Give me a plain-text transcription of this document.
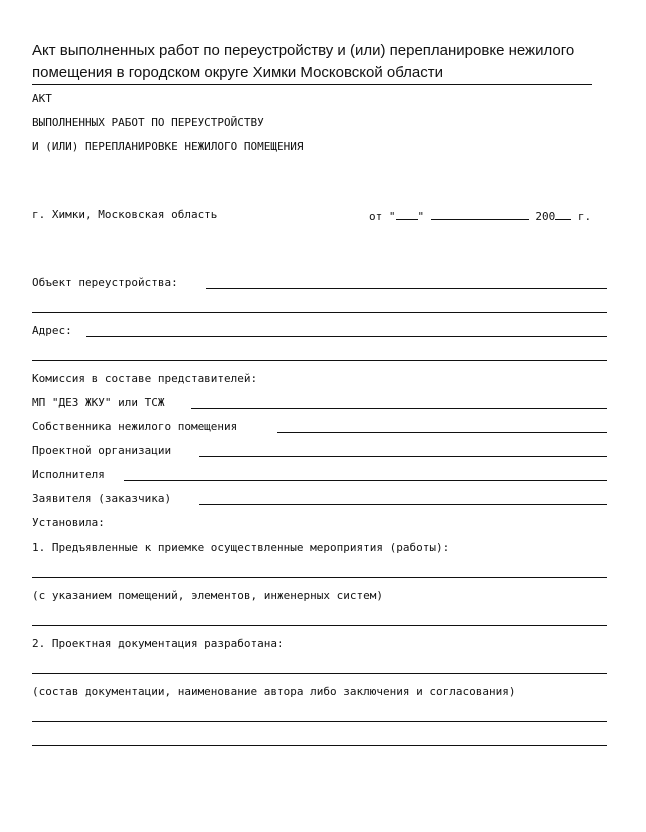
Акт выполненных работ по переустройству и (или) перепланировке нежилого
помещения в городском округе Химки Московской области
АКТ
ВЫПОЛНЕННЫХ РАБОТ ПО ПЕРЕУСТРОЙСТВУ
И (ИЛИ) ПЕРЕПЛАНИРОВКЕ НЕЖИЛОГО ПОМЕЩЕНИЯ
г. Химки, Московская область	от " "	200 г.
Объект переустройства:
Адрес:
Комиссия в составе представителей:
МП "ДЕЗ ЖКУ" или ТСЖ
Собственника нежилого помещения
Проектной организации
Исполнителя
Заявителя (заказчика)
Установила:
1. Предъявленные к приемке осуществленные мероприятия (работы):
(с указанием помещений, элементов, инженерных систем)
2. Проектная документация разработана:
(состав документации, наименование автора либо заключения и согласования)
